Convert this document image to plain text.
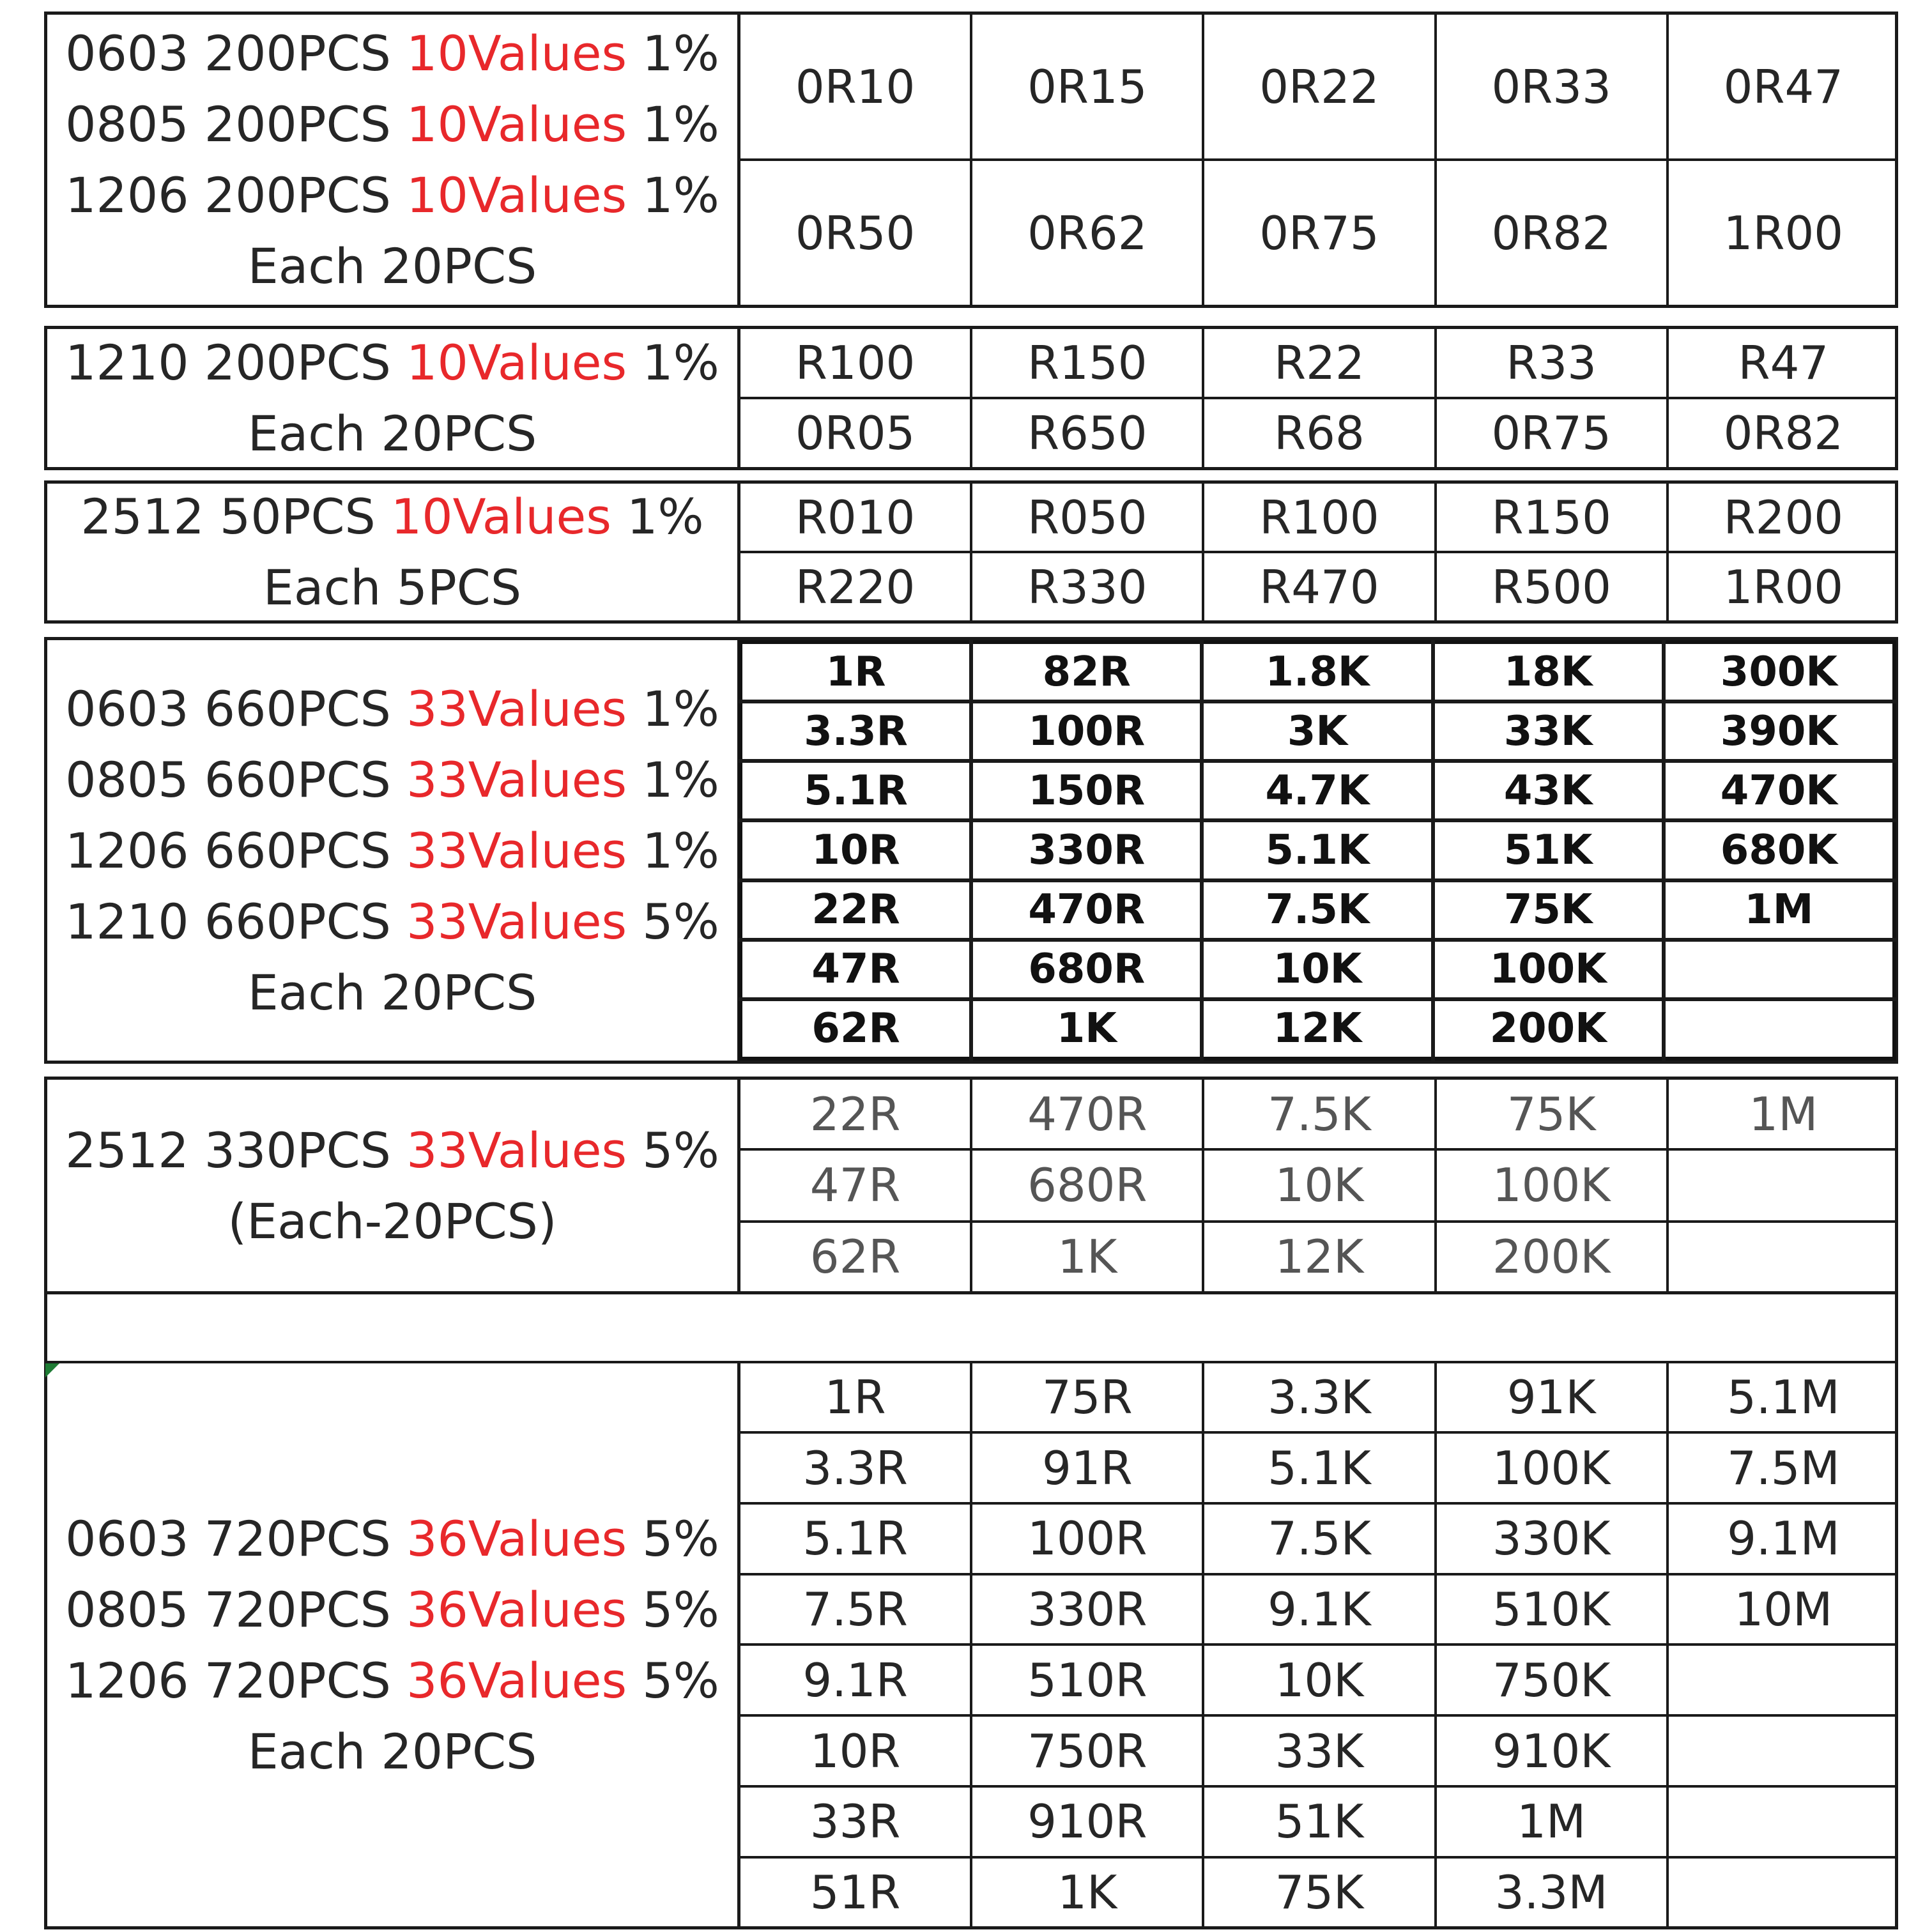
0603 200PCS 10Values 1%
0805 200PCS 10Values 1%
1206 200PCS 10Values 1%
Each 20PCS
0R10	0R15	0R22	0R33	0R47
0R50	0R62	0R75	0R82	1R00
1210 200PCS 10Values 1%
Each 20PCS
R100	R150	R22	R33	R47
0R05	R650	R68	0R75	0R82
2512 50PCS 10Values 1%
Each 5PCS
R010	R050	R100	R150	R200
R220	R330	R470	R500	1R00
0603 660PCS 33Values 1%
0805 660PCS 33Values 1%
1206 660PCS 33Values 1%
1210 660PCS 33Values 5%
Each 20PCS
1R	82R	1.8K	18K	300K
3.3R	100R	3K	33K	390K
5.1R	150R	4.7K	43K	470K
10R	330R	5.1K	51K	680K
22R	470R	7.5K	75K	1M
47R	680R	10K	100K	
62R	1K	12K	200K	
2512 330PCS 33Values 5%
(Each-20PCS)
22R	470R	7.5K	75K	1M
47R	680R	10K	100K	
62R	1K	12K	200K	
0603 720PCS 36Values 5%
0805 720PCS 36Values 5%
1206 720PCS 36Values 5%
Each 20PCS
1R	75R	3.3K	91K	5.1M
3.3R	91R	5.1K	100K	7.5M
5.1R	100R	7.5K	330K	9.1M
7.5R	330R	9.1K	510K	10M
9.1R	510R	10K	750K	
10R	750R	33K	910K	
33R	910R	51K	1M	
51R	1K	75K	3.3M	
